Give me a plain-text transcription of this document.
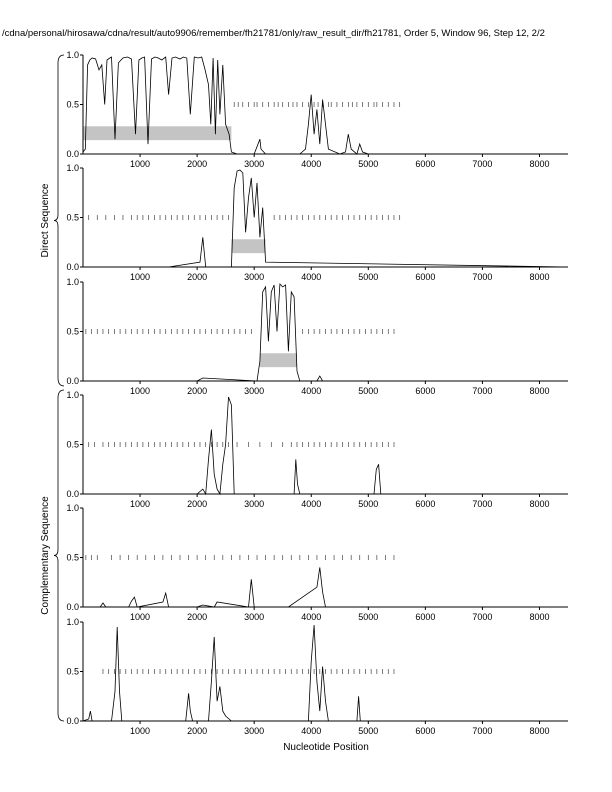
/cdna/personal/hirosawa/cdna/result/auto9906/remember/fh21781/only/raw_result_dir/fh21781, Order 5, Window 96, Step 12, 2/2
Nucleotide Position
0.0
0.5
1.0
1000	2000	3000	4000	5000	6000	7000	8000
0.0
0.5
1.0
1000	2000	3000	4000	5000	6000	7000	8000
0.0
0.5
1.0
1000	2000	3000	4000	5000	6000	7000	8000
0.0
0.5
1.0
1000	2000	3000	4000	5000	6000	7000	8000
0.0
0.5
1.0
1000	2000	3000	4000	5000	6000	7000	8000
0.0
0.5
1.0
1000	2000	3000	4000	5000	6000	7000	8000
Direct Sequence
Complementary Sequence
